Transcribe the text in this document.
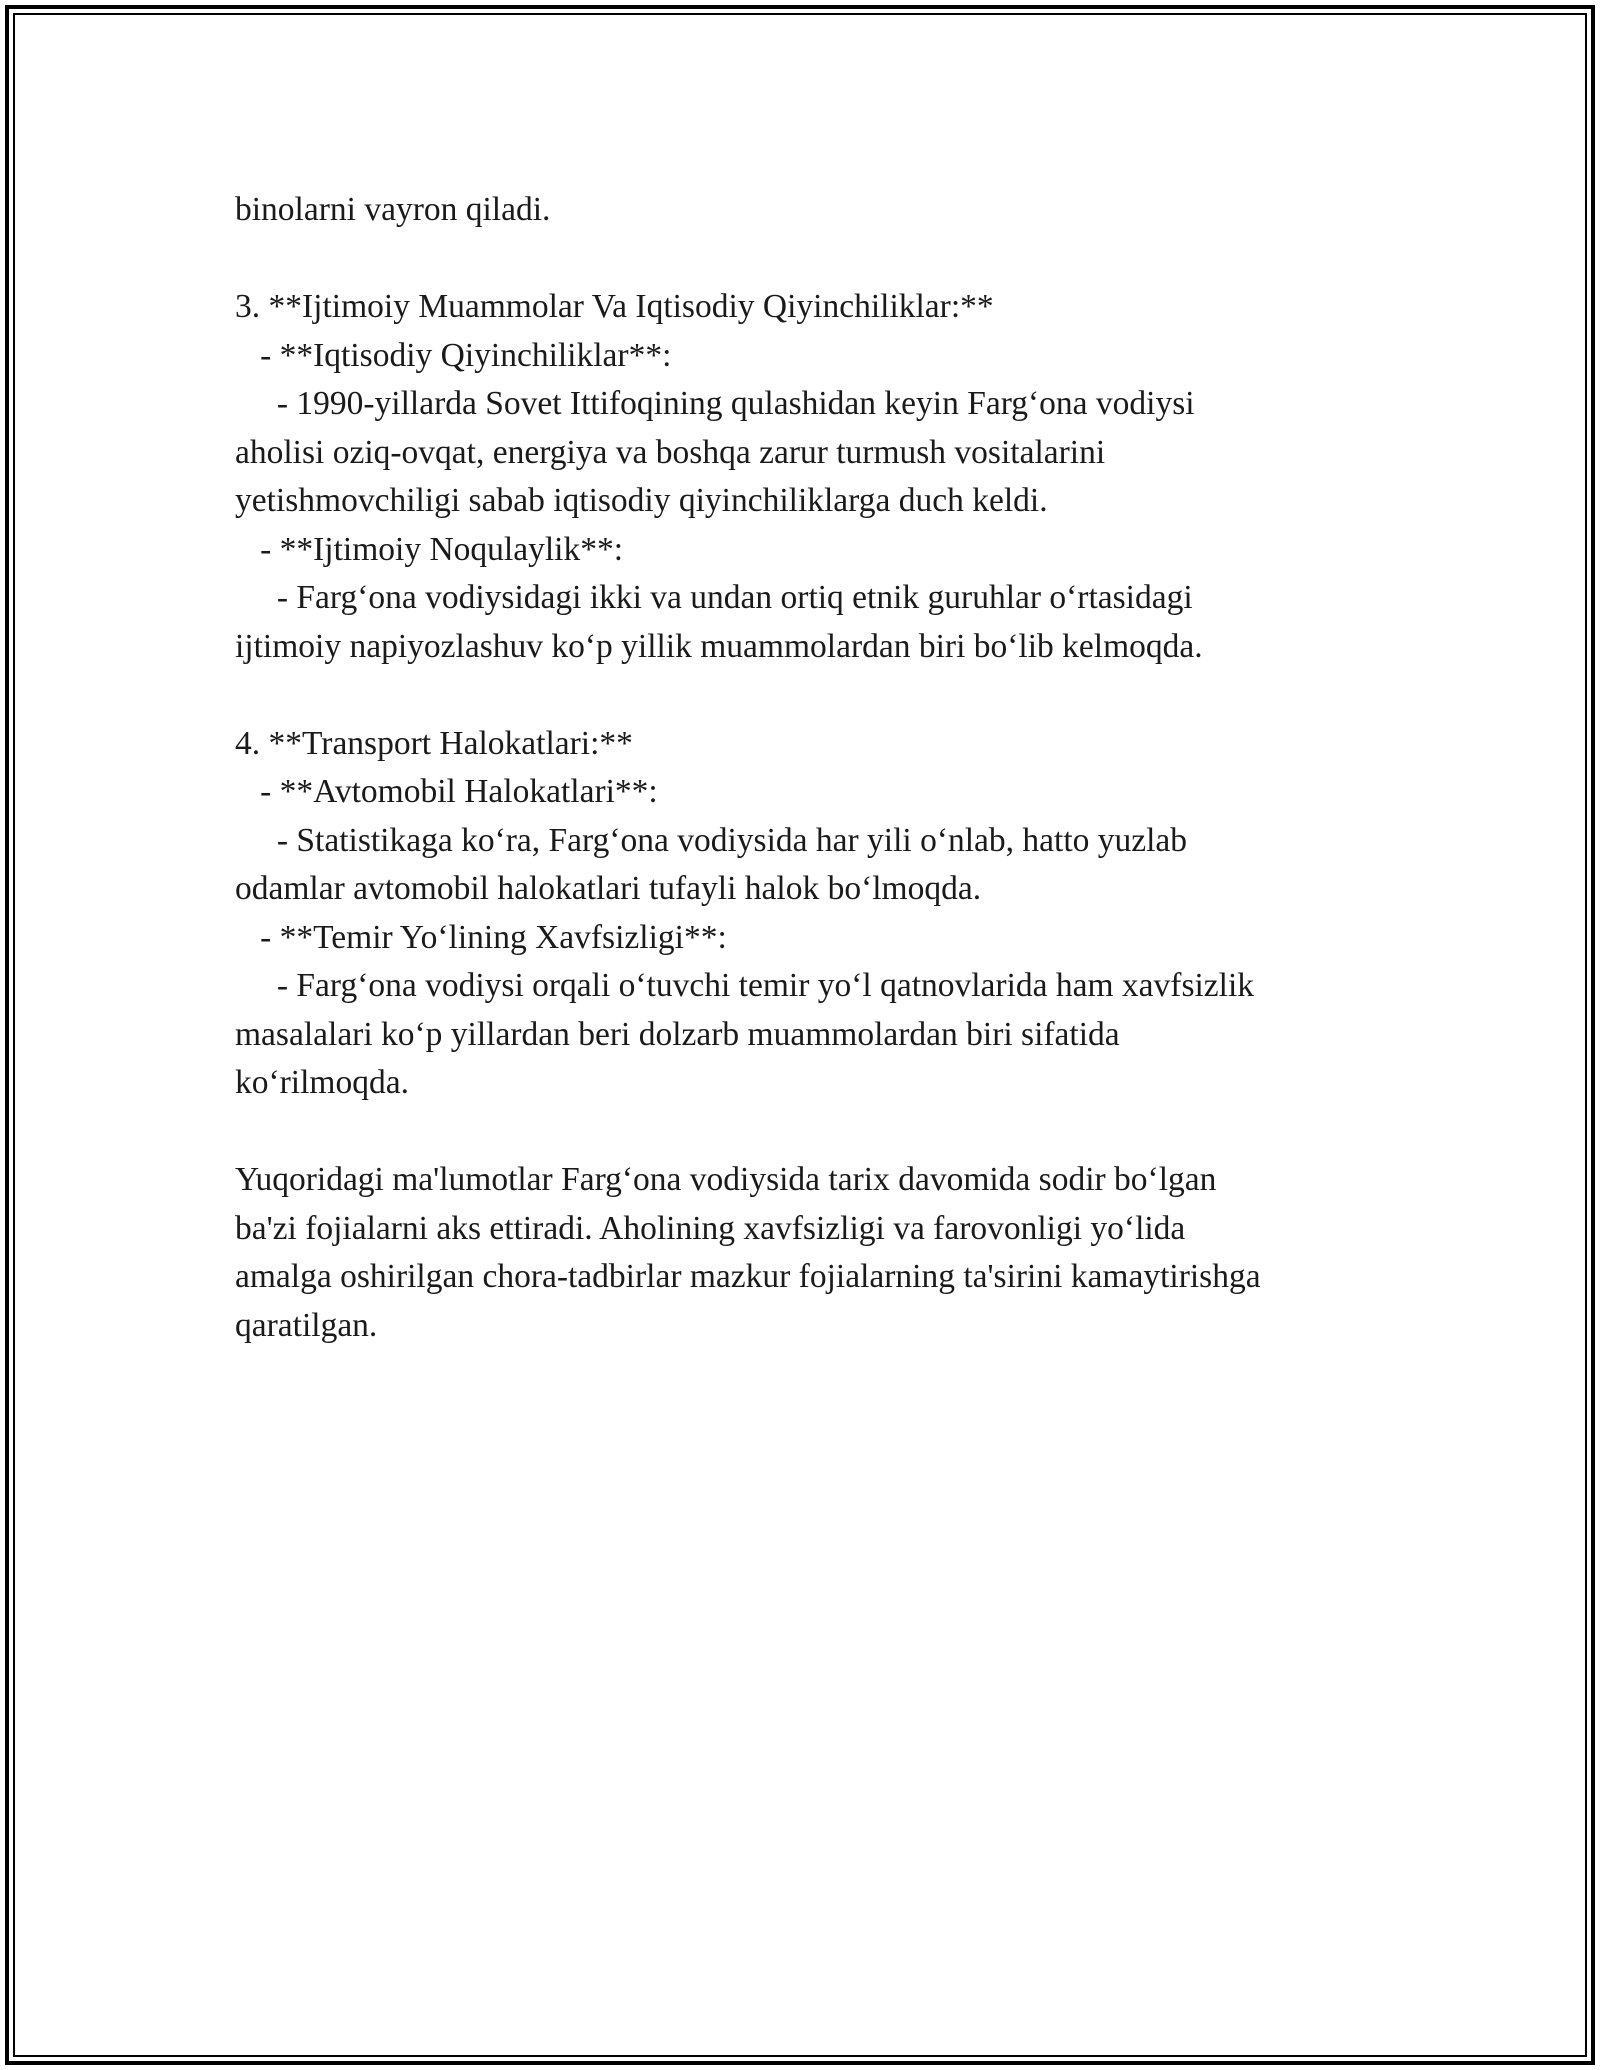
binolarni vayron qiladi.
3. **Ijtimoiy Muammolar Va Iqtisodiy Qiyinchiliklar:**
- **Iqtisodiy Qiyinchiliklar**:
- 1990-yillarda Sovet Ittifoqining qulashidan keyin Farg‘ona vodiysi
aholisi oziq-ovqat, energiya va boshqa zarur turmush vositalarini
yetishmovchiligi sabab iqtisodiy qiyinchiliklarga duch keldi.
- **Ijtimoiy Noqulaylik**:
- Farg‘ona vodiysidagi ikki va undan ortiq etnik guruhlar o‘rtasidagi
ijtimoiy napiyozlashuv ko‘p yillik muammolardan biri bo‘lib kelmoqda.
4. **Transport Halokatlari:**
- **Avtomobil Halokatlari**:
- Statistikaga ko‘ra, Farg‘ona vodiysida har yili o‘nlab, hatto yuzlab
odamlar avtomobil halokatlari tufayli halok bo‘lmoqda.
- **Temir Yo‘lining Xavfsizligi**:
- Farg‘ona vodiysi orqali o‘tuvchi temir yo‘l qatnovlarida ham xavfsizlik
masalalari ko‘p yillardan beri dolzarb muammolardan biri sifatida
ko‘rilmoqda.
Yuqoridagi ma'lumotlar Farg‘ona vodiysida tarix davomida sodir bo‘lgan
ba'zi fojialarni aks ettiradi. Aholining xavfsizligi va farovonligi yo‘lida
amalga oshirilgan chora-tadbirlar mazkur fojialarning ta'sirini kamaytirishga
qaratilgan.
